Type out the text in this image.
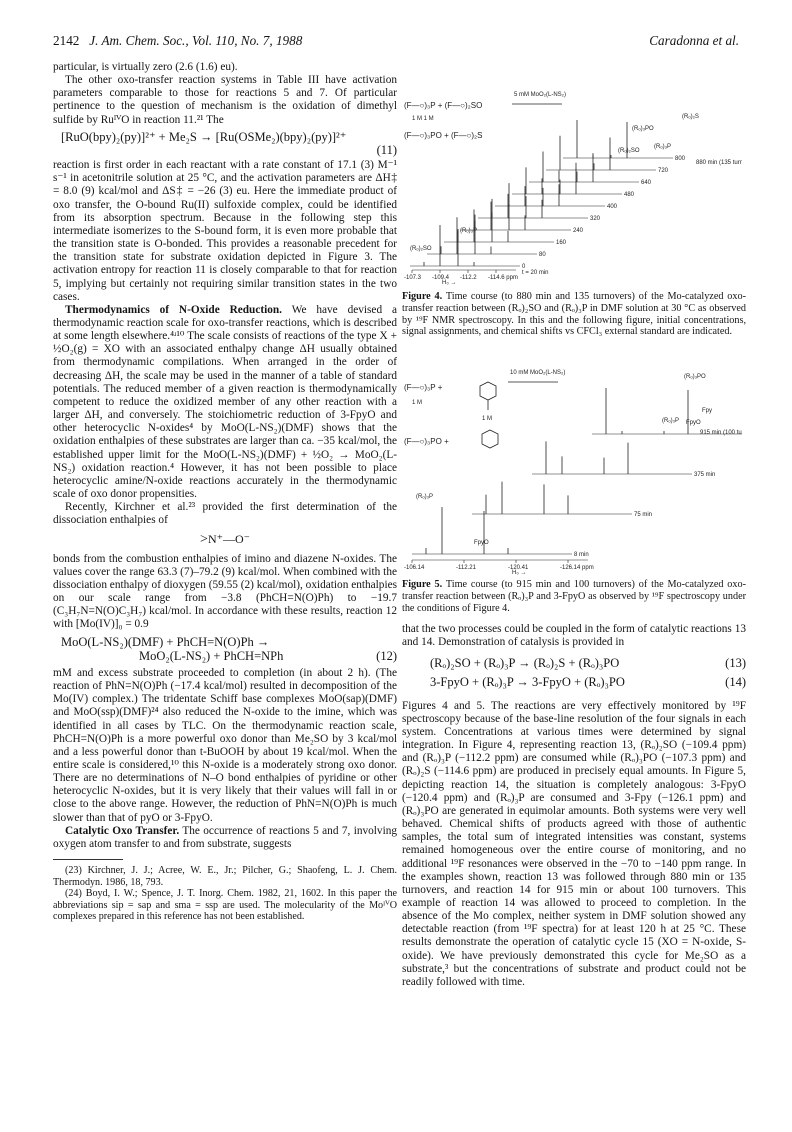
2142 J. Am. Chem. Soc., Vol. 110, No. 7, 1988	Caradonna et al.
particular, is virtually zero (2.6 (1.6) eu).
The other oxo-transfer reaction systems in Table III have activation parameters comparable to those for reactions 5 and 7. Of particular pertinence to the question of mechanism is the oxidation of dimethyl sulfide by RuᴵⱽO in reaction 11.²¹ The
[RuO(bpy)₂(py)]²⁺ + Me₂S → [Ru(OSMe₂)(bpy)₂(py)]²⁺
(11)
reaction is first order in each reactant with a rate constant of 17.1 (3) M⁻¹ s⁻¹ in acetonitrile solution at 25 °C, and the activation parameters are ΔH‡ = 8.0 (9) kcal/mol and ΔS‡ = −26 (3) eu. Here the immediate product of oxo transfer, the O-bound Ru(II) sulfoxide complex, could be identified from its absorption spectrum. Because in the following step this intermediate isomerizes to the S-bound form, it is even more probable that the transition state is O-bonded. This provides a reasonable precedent for the transition state for substrate oxidation depicted in Figure 3. The activation entropy for reaction 11 is closely comparable to that for reaction 5, implying but certainly not requiring similar transition states in the two cases.
Thermodynamics of N-Oxide Reduction. We have devised a thermodynamic reaction scale for oxo-transfer reactions, which is described at some length elsewhere.⁴ʴ¹⁰ The scale consists of reactions of the type X + ½O₂(g) = XO with an associated enthalpy change ΔH usually obtained from thermodynamic compilations. When arranged in the order of decreasing ΔH, the scale may be used in the manner of a table of standard potentials. The reduced member of a given reaction is thermodynamically competent to reduce the oxidized member of any other reaction with a larger ΔH, and conversely. The stoichiometric reduction of 3-FpyO and other heterocyclic N-oxides⁴ by MoO(L-NS₂)(DMF) shows that the oxidation enthalpies of these substrates are larger than ca. −35 kcal/mol, the established upper limit for the MoO(L-NS₂)(DMF) + ½O₂ → MoO₂(L-NS₂) oxidation reaction.⁴ However, it has not been possible to place heterocyclic amine/N-oxide reactions accurately in the thermodynamic scale of oxo donor propensities.
Recently, Kirchner et al.²³ provided the first determination of the dissociation enthalpies of
>N⁺—O⁻
bonds from the combustion enthalpies of imino and diazene N-oxides. The values cover the range 63.3 (7)–79.2 (9) kcal/mol. When combined with the dissociation enthalpy of dioxygen (59.55 (2) kcal/mol), oxidation enthalpies on our scale range from −3.8 (PhCH=N(O)Ph) to −19.7 (C₃H₇N=N(O)C₃H₇) kcal/mol. In accordance with these results, reaction 12 with [Mo(IV)]₀ = 0.9
MoO(L-NS₂)(DMF) + PhCH=N(O)Ph →
MoO₂(L-NS₂) + PhCH=NPh	(12)
mM and excess substrate proceeded to completion (in about 2 h). (The reaction of PhN=N(O)Ph (−17.4 kcal/mol) resulted in decomposition of the Mo(IV) complex.) The tridentate Schiff base complexes MoO(sap)(DMF) and MoO(ssp)(DMF)²⁴ also reduced the N-oxide to the imine, which was identified in all cases by TLC. On the thermodynamic reaction scale, PhCH=N(O)Ph is a more powerful oxo donor than Me₂SO by 3 kcal/mol and a less powerful donor than t-BuOOH by about 19 kcal/mol. When the entire scale is considered,¹⁰ this N-oxide is a moderately strong oxo donor. There are no determinations of N–O bond enthalpies of pyridine or other heterocyclic N-oxides, but it is very likely that their values will fall in or close to the above range. However, the reduction of PhN=N(O)Ph is much slower than that of pyO or 3-FpyO.
Catalytic Oxo Transfer. The occurrence of reactions 5 and 7, involving oxygen atom transfer to and from substrate, suggests
(23) Kirchner, J. J.; Acree, W. E., Jr.; Pilcher, G.; Shaofeng, L. J. Chem. Thermodyn. 1986, 18, 793.
(24) Boyd, I. W.; Spence, J. T. Inorg. Chem. 1982, 21, 1602. In this paper the abbreviations sip = sap and sma = ssp are used. The molecularity of the MoᴵⱽO complexes prepared in this reference has not been established.
(F—○)₃P + (F—○)₂SO
5 mM MoO₂(L-NS₂)
1 M 1 M
(F—○)₃PO + (F—○)₂S
0
80
160
240
320
400
480
640
720
800
(Rₒ)₃PO
(Rₒ)₂SO
(Rₒ)₃P
(Rₒ)₂S
(Rₒ)₃P
(Rₒ)₂SO
880 min (135 turn
-107.3 -109.4 -112.2 -114.6 ppm
H₀ →
t = 20 min
Figure 4. Time course (to 880 min and 135 turnovers) of the Mo-catalyzed oxo-transfer reaction between (Rₒ)₂SO and (Rₒ)₃P in DMF solution at 30 °C as observed by ¹⁹F NMR spectroscopy. In this and the following figure, initial concentrations, signal assignments, and chemical shifts vs CFCl₃ external standard are indicated.
(F—○)₃P +
10 mM MoO₂(L-NS₂)
1 M
1 M
(F—○)₃PO +
8 min
75 min
375 min
(Rₒ)₃PO
Fpy
(Rₒ)₃P FpyO
915 min (100 tu
(Rₒ)₃P
FpyO
-106.14	-112.21	-120.41	-126.14 ppm
H₀ →
Figure 5. Time course (to 915 min and 100 turnovers) of the Mo-catalyzed oxo-transfer reaction between (Rₒ)₃P and 3-FpyO as observed by ¹⁹F spectroscopy under the conditions of Figure 4.
that the two processes could be coupled in the form of catalytic reactions 13 and 14. Demonstration of catalysis is provided in
(Rₒ)₂SO + (Rₒ)₃P → (Rₒ)₂S + (Rₒ)₃PO	(13)
3-FpyO + (Rₒ)₃P → 3-FpyO + (Rₒ)₃PO	(14)
Figures 4 and 5. The reactions are very effectively monitored by ¹⁹F spectroscopy because of the base-line resolution of the four signals in each system. Concentrations at various times were determined by signal integration. In Figure 4, representing reaction 13, (Rₒ)₂SO (−109.4 ppm) and (Rₒ)₃P (−112.2 ppm) are consumed while (Rₒ)₃PO (−107.3 ppm) and (Rₒ)₂S (−114.6 ppm) are produced in precisely equal amounts. In Figure 5, depicting reaction 14, the situation is completely analogous: 3-FpyO (−120.4 ppm) and (Rₒ)₃P are consumed and 3-Fpy (−126.1 ppm) and (Rₒ)₃PO are generated in equimolar amounts. Both systems were very well behaved. Chemical shifts of products agreed with those of authentic samples, the total sum of integrated intensities was constant, systems remained homogeneous over the entire course of monitoring, and no additional ¹⁹F resonances were observed in the −70 to −140 ppm range. In the examples shown, reaction 13 was followed through 880 min or 135 turnovers, and reaction 14 for 915 min or about 100 turnovers. This example of reaction 14 was allowed to proceed to completion. In the absence of the Mo complex, neither system in DMF solution showed any detectable reaction (from ¹⁹F spectra) for at least 120 h at 25 °C. These results demonstrate the operation of catalytic cycle 15 (XO = N-oxide, S-oxide). We have previously demonstrated this cycle for Me₂SO as a substrate,³ but the concentrations of substrate and product could not be readily followed with time.
